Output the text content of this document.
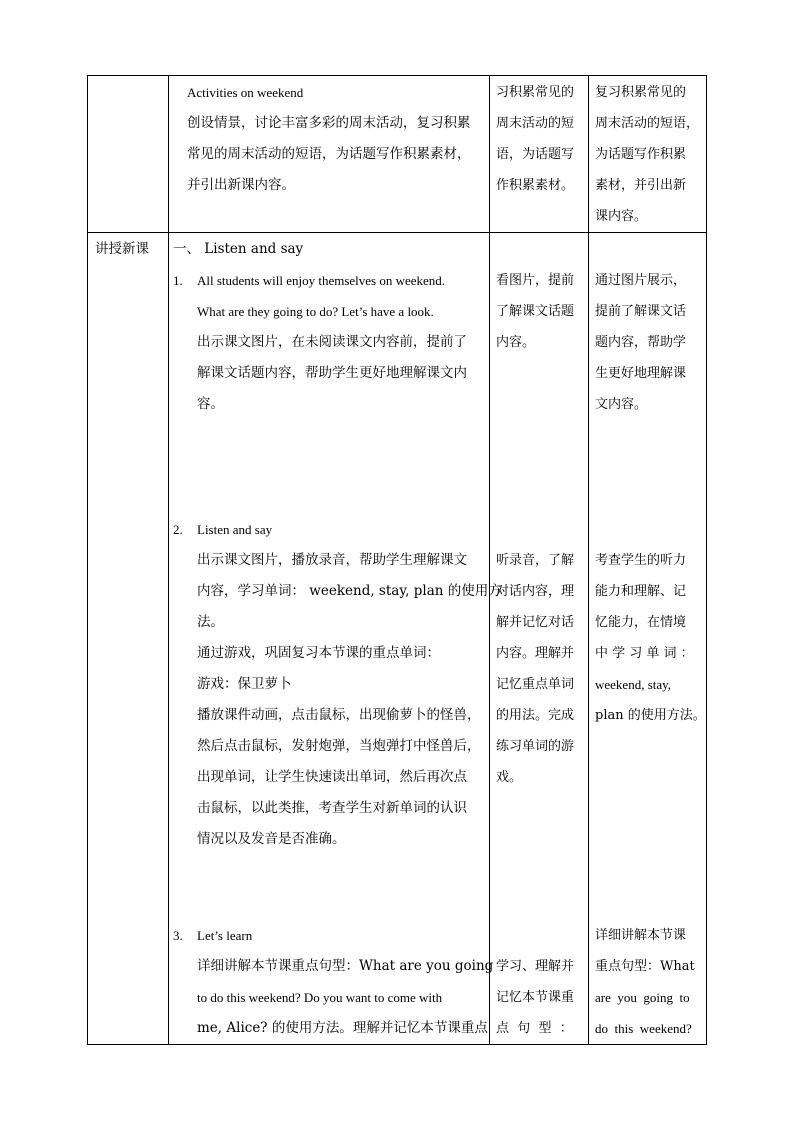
Activities on weekend
创设情景，讨论丰富多彩的周末活动，复习积累
常见的周末活动的短语，为话题写作积累素材，
并引出新课内容。
习积累常见的
周末活动的短
语，为话题写
作积累素材。
复习积累常见的
周末活动的短语，
为话题写作积累
素材，并引出新
课内容。
讲授新课	一、 Listen and say
1. All students will enjoy themselves on weekend.
What are they going to do? Let’s have a look.
出示课文图片，在未阅读课文内容前，提前了
解课文话题内容，帮助学生更好地理解课文内
容。
看图片，提前
了解课文话题
内容。
通过图片展示，
提前了解课文话
题内容，帮助学
生更好地理解课
文内容。
2. Listen and say
出示课文图片，播放录音，帮助学生理解课文
内容，学习单词： weekend, stay, plan 的使用方
法。
通过游戏，巩固复习本节课的重点单词：
游戏：保卫萝卜
播放课件动画，点击鼠标，出现偷萝卜的怪兽，
然后点击鼠标，发射炮弹，当炮弹打中怪兽后，
出现单词，让学生快速读出单词，然后再次点
击鼠标，以此类推，考查学生对新单词的认识
情况以及发音是否准确。
听录音，了解
对话内容，理
解并记忆对话
内容。理解并
记忆重点单词
的用法。完成
练习单词的游
戏。
考查学生的听力
能力和理解、记
忆能力，在情境
中 学 习 单 词 ：
weekend, stay,
plan 的使用方法。
3. Let’s learn
详细讲解本节课重点句型：What are you going
to do this weekend? Do you want to come with
me, Alice? 的使用方法。理解并记忆本节课重点
学习、理解并
记忆本节课重
点  句  型  ：
详细讲解本节课
重点句型：What
are  you  going  to
do  this  weekend?
